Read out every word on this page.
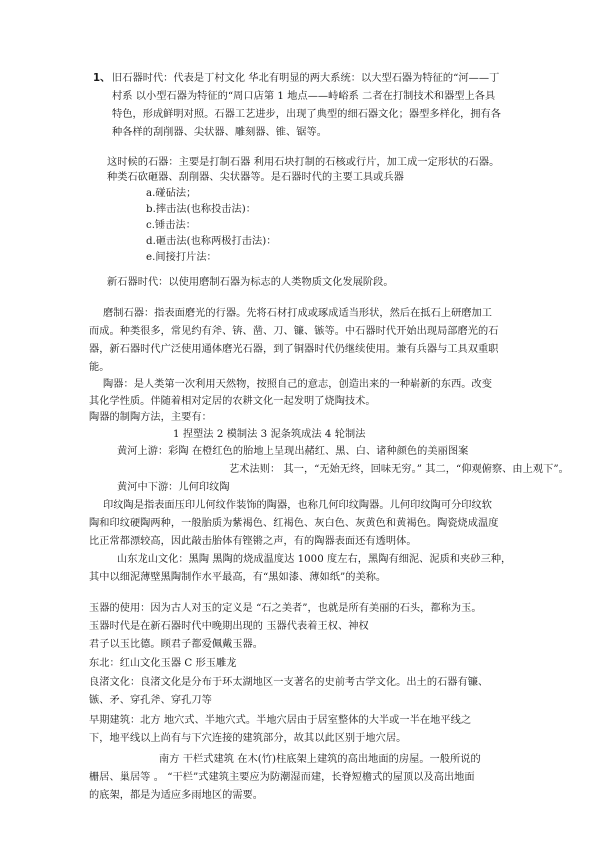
1、 旧石器时代：代表是丁村文化 华北有明显的两大系统：以大型石器为特征的“河——丁
村系 以小型石器为特征的“周口店第 1 地点——峙峪系 二者在打制技术和器型上各具
特色，形成鲜明对照。石器工艺进步，出现了典型的细石器文化；器型多样化，拥有各
种各样的刮削器、尖状器、雕刻器、锥、锯等。
这时候的石器：主要是打制石器 利用石块打制的石核或行片，加工成一定形状的石器。
种类石砍砸器、刮削器、尖状器等。是石器时代的主要工具或兵器
a.碰砧法；
b.摔击法(也称投击法)：
c.锤击法：
d.砸击法(也称两极打击法)：
e.间接打片法：
新石器时代：以使用磨制石器为标志的人类物质文化发展阶段。
磨制石器：指表面磨光的行器。先将石材打成或琢成适当形状，然后在抵石上研磨加工
而成。种类很多，常见约有斧、锛、凿、刀、镰、镞等。中石器时代开始出现局部磨光的石
器，新石器时代广泛使用通体磨光石器，到了铜器时代仍继续使用。兼有兵器与工具双重职
能。
陶器：是人类第一次利用天然物，按照自己的意志，创造出来的一种崭新的东西。改变
其化学性质。伴随着相对定居的农耕文化一起发明了烧陶技术。
陶器的制陶方法，主要有：
1 捏塑法 2 模制法 3 泥条筑成法 4 轮制法
黄河上游：彩陶 在橙红色的胎地上呈现出赭红、黑、白、诸种颜色的美丽图案
艺术法则： 其一，“无始无终，回味无穷。” 其二，“仰观俯察、由上观下”。
黄河中下游：儿何印纹陶
印纹陶是指表面压印儿何纹作装饰的陶器，也称几何印纹陶器。儿何印纹陶可分印纹软
陶和印纹硬陶两种，一般胎质为紫褐色、红褐色、灰白色、灰黄色和黄褐色。陶瓷烧成温度
比正常都漂较高，因此敲击胎体有铿锵之声，有的陶器表面还有透明体。
山东龙山文化：黑陶 黑陶的烧成温度达 1000 度左右，黑陶有细泥、泥质和夹砂三种，
其中以细泥薄壁黑陶制作水平最高，有“黑如漆、薄如纸”的美称。
玉器的使用：因为古人对玉的定义是 “石之美者”，也就是所有美丽的石头，都称为玉。
玉器时代是在新石器时代中晚期出现的 玉器代表着王权、神权
君子以玉比德。顾君子都爱佩戴玉器。
东北：红山文化玉器 C 形玉雕龙
良渚文化：良渚文化是分布于环太湖地区一支著名的史前考古学文化。出土的石器有镰、
镞、矛、穿孔斧、穿孔刀等
早期建筑：北方 地穴式、半地穴式。半地穴居由于居室整体的大半或一半在地平线之
下，地平线以上尚有与下穴连接的建筑部分，故其以此区别于地穴居。
南方 干栏式建筑 在木(竹)柱底架上建筑的高出地面的房屋。一般所说的
栅居、巢居等 。 “干栏”式建筑主要应为防潮湿而建，长脊短檐式的屋顶以及高出地面
的底架，都是为适应多雨地区的需要。
